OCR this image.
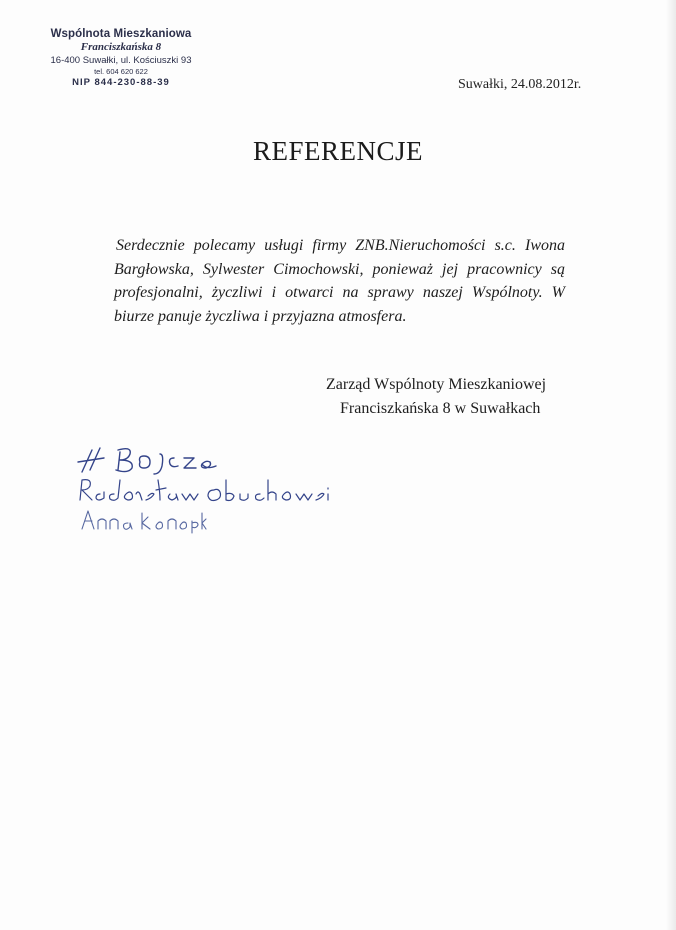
Wspólnota Mieszkaniowa
Franciszkańska 8
16-400 Suwałki, ul. Kościuszki 93
tel. 604 620 622
NIP 844-230-88-39	Suwałki, 24.08.2012r.
REFERENCJE
Serdecznie polecamy usługi firmy ZNB.Nieruchomości s.c. Iwona Bargłowska, Sylwester Cimochowski, ponieważ jej pracownicy są profesjonalni, życzliwi i otwarci na sprawy naszej Wspólnoty. W biurze panuje życzliwa i przyjazna atmosfera.
Zarząd Wspólnoty Mieszkaniowej
Franciszkańska 8 w Suwałkach
